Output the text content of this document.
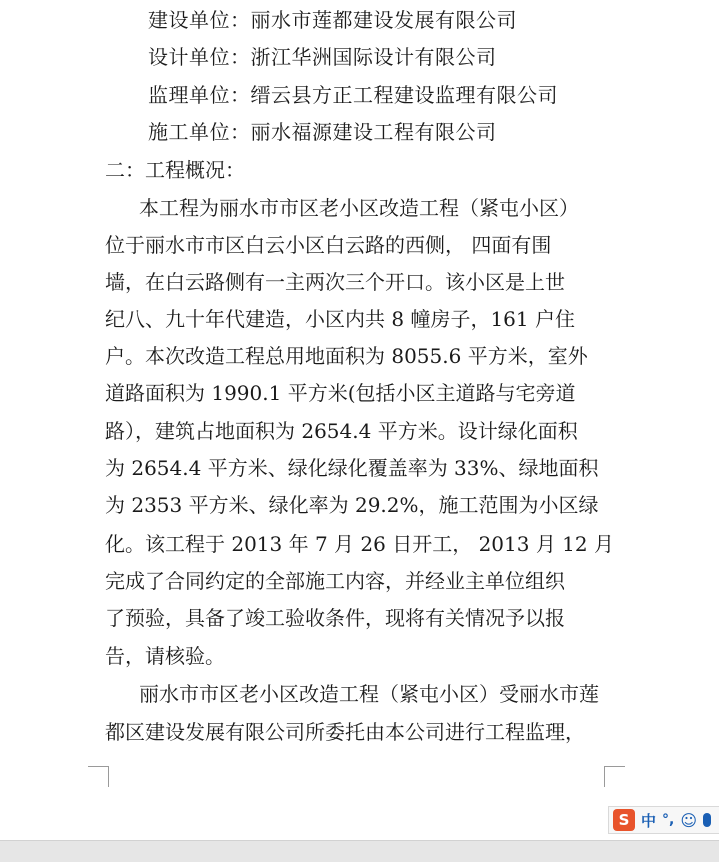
建设单位：丽水市莲都建设发展有限公司
设计单位：浙江华洲国际设计有限公司
监理单位：缙云县方正工程建设监理有限公司
施工单位：丽水福源建设工程有限公司
二：工程概况：
本工程为丽水市市区老小区改造工程（紧屯小区）
位于丽水市市区白云小区白云路的西侧， 四面有围
墙，在白云路侧有一主两次三个开口。该小区是上世
纪八、九十年代建造，小区内共 8 幢房子，161 户住
户。本次改造工程总用地面积为 8055.6 平方米，室外
道路面积为 1990.1 平方米(包括小区主道路与宅旁道
路），建筑占地面积为 2654.4 平方米。设计绿化面积
为 2654.4 平方米、绿化绿化覆盖率为 33%、绿地面积
为 2353 平方米、绿化率为 29.2%，施工范围为小区绿
化。该工程于 2013 年 7 月 26 日开工， 2013 月 12 月
完成了合同约定的全部施工内容，并经业主单位组织
了预验，具备了竣工验收条件，现将有关情况予以报
告，请核验。
丽水市市区老小区改造工程（紧屯小区）受丽水市莲
都区建设发展有限公司所委托由本公司进行工程监理，
S 中 °, ☺
